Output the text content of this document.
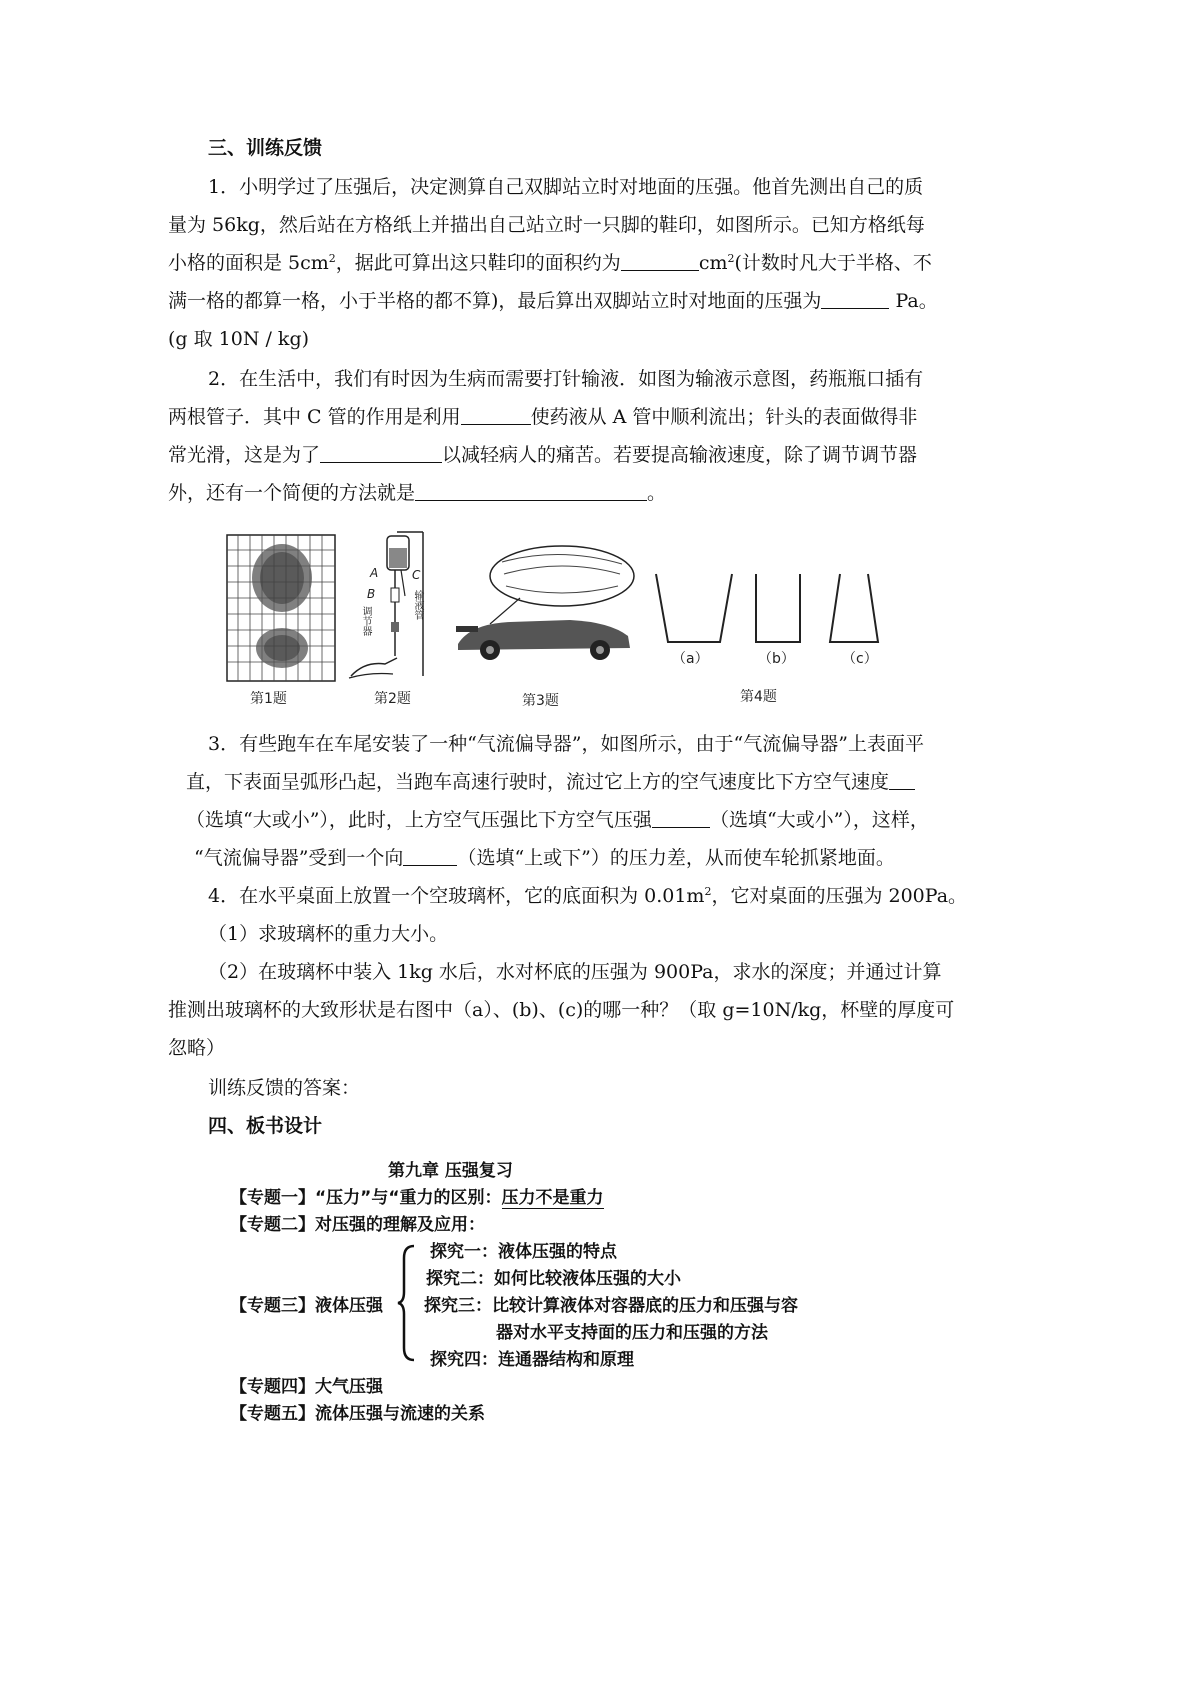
三、训练反馈
1．小明学过了压强后，决定测算自己双脚站立时对地面的压强。他首先测出自己的质
量为 56kg，然后站在方格纸上并描出自己站立时一只脚的鞋印，如图所示。已知方格纸每
小格的面积是 $5cm^2$，据此可算出这只鞋印的面积约为	$cm^2$(计数时凡大于半格、不
满一格的都算一格，小于半格的都不算)，最后算出双脚站立时对地面的压强为	Pa。
(g 取 10N / kg)
2．在生活中，我们有时因为生病而需要打针输液．如图为输液示意图，药瓶瓶口插有
两根管子．其中 C 管的作用是利用	使药液从 A 管中顺利流出；针头的表面做得非
常光滑，这是为了	以减轻病人的痛苦。若要提高输液速度，除了调节调节器
外，还有一个简便的方法就是	。
第1题
A
B
C
调节器
输液管
第2题	第3题
（a）	（b）	（c）
第4题
3．有些跑车在车尾安装了一种“气流偏导器”，如图所示，由于“气流偏导器”上表面平
直，下表面呈弧形凸起，当跑车高速行驶时，流过它上方的空气速度比下方空气速度
（选填“大或小”），此时，上方空气压强比下方空气压强	（选填“大或小”），这样，
“气流偏导器”受到一个向	（选填“上或下”）的压力差，从而使车轮抓紧地面。
4．在水平桌面上放置一个空玻璃杯，它的底面积为 $0.01m^2$，它对桌面的压强为 200Pa。
（1）求玻璃杯的重力大小。
（2）在玻璃杯中装入 1kg 水后，水对杯底的压强为 900Pa，求水的深度；并通过计算
推测出玻璃杯的大致形状是右图中（a）、(b)、(c)的哪一种？（取 g=10N/kg，杯壁的厚度可
忽略）
训练反馈的答案：
四、板书设计
第九章 压强复习
【专题一】“压力”与“重力的区别：压力不是重力
【专题二】对压强的理解及应用：
探究一：液体压强的特点
探究二：如何比较液体压强的大小
【专题三】液体压强 探究三：比较计算液体对容器底的压力和压强与容
器对水平支持面的压力和压强的方法
探究四：连通器结构和原理
【专题四】大气压强
【专题五】流体压强与流速的关系
